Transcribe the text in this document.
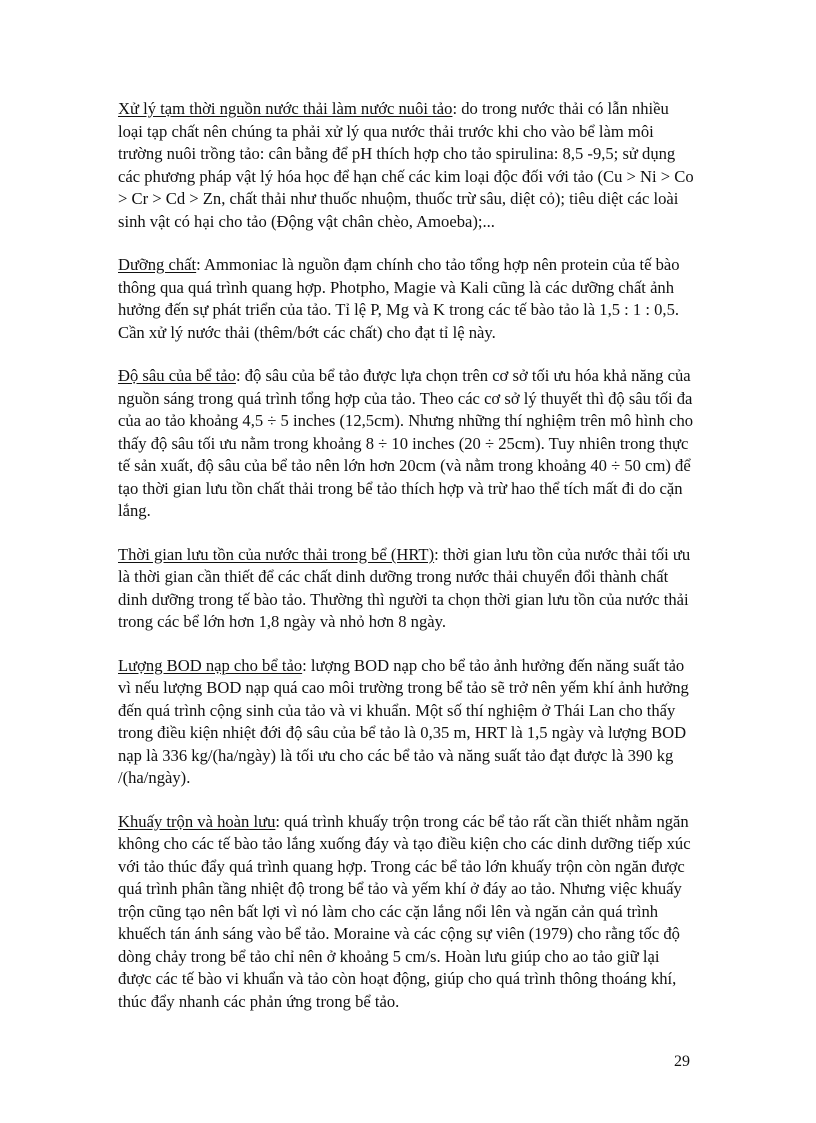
Xử lý tạm thời nguồn nước thải làm nước nuôi tảo: do trong nước thải có lẫn nhiều loại tạp chất nên chúng ta phải xử lý qua nước thải trước khi cho vào bể làm môi trường nuôi trồng tảo: cân bằng để pH thích hợp cho tảo spirulina: 8,5 -9,5; sử dụng các phương pháp vật lý hóa học để hạn chế các kim loại độc đối với tảo (Cu > Ni > Co > Cr > Cd > Zn, chất thải như thuốc nhuộm, thuốc trừ sâu, diệt cỏ); tiêu diệt các loài sinh vật có hại cho tảo (Động vật chân chèo, Amoeba);...

Dưỡng chất: Ammoniac là nguồn đạm chính cho tảo tổng hợp nên protein của tế bào thông qua quá trình quang hợp. Photpho, Magie và Kali cũng là các dưỡng chất ảnh hưởng đến sự phát triển của tảo. Tỉ lệ P, Mg và K trong các tế bào tảo là 1,5 : 1 : 0,5. Cần xử lý nước thải (thêm/bớt các chất) cho đạt tỉ lệ này.

Độ sâu của bể tảo: độ sâu của bể tảo được lựa chọn trên cơ sở tối ưu hóa khả năng của nguồn sáng trong quá trình tổng hợp của tảo. Theo các cơ sở lý thuyết thì độ sâu tối đa của ao tảo khoảng 4,5 ÷ 5 inches (12,5cm). Nhưng những thí nghiệm trên mô hình cho thấy độ sâu tối ưu nằm trong khoảng 8 ÷ 10 inches (20 ÷ 25cm). Tuy nhiên trong thực tế sản xuất, độ sâu của bể tảo nên lớn hơn 20cm (và nằm trong khoảng 40 ÷ 50 cm) để tạo thời gian lưu tồn chất thải trong bể tảo thích hợp và trừ hao thể tích mất đi do cặn lắng.

Thời gian lưu tồn của nước thải trong bể (HRT): thời gian lưu tồn của nước thải tối ưu là thời gian cần thiết để các chất dinh dưỡng trong nước thải chuyển đổi thành chất dinh dưỡng trong tế bào tảo. Thường thì người ta chọn thời gian lưu tồn của nước thải trong các bể lớn hơn 1,8 ngày và nhỏ hơn 8 ngày.

Lượng BOD nạp cho bể tảo: lượng BOD nạp cho bể tảo ảnh hưởng đến năng suất tảo vì nếu lượng BOD nạp quá cao môi trường trong bể tảo sẽ trở nên yếm khí ảnh hưởng đến quá trình cộng sinh của tảo và vi khuẩn. Một số thí nghiệm ở Thái Lan cho thấy trong điều kiện nhiệt đới độ sâu của bể tảo là 0,35 m, HRT là 1,5 ngày và lượng BOD nạp là 336 kg/(ha/ngày) là tối ưu cho các bể tảo và năng suất tảo đạt được là 390 kg /(ha/ngày).

Khuấy trộn và hoàn lưu: quá trình khuấy trộn trong các bể tảo rất cần thiết nhằm ngăn không cho các tế bào tảo lắng xuống đáy và tạo điều kiện cho các dinh dưỡng tiếp xúc với tảo thúc đẩy quá trình quang hợp. Trong các bể tảo lớn khuấy trộn còn ngăn được quá trình phân tầng nhiệt độ trong bể tảo và yếm khí ở đáy ao tảo. Nhưng việc khuấy trộn cũng tạo nên bất lợi vì nó làm cho các cặn lắng nổi lên và ngăn cản quá trình khuếch tán ánh sáng vào bể tảo. Moraine và các cộng sự viên (1979) cho rằng tốc độ dòng chảy trong bể tảo chỉ nên ở khoảng 5 cm/s. Hoàn lưu giúp cho ao tảo giữ lại được các tế bào vi khuẩn và tảo còn hoạt động, giúp cho quá trình thông thoáng khí, thúc đẩy nhanh các phản ứng trong bể tảo.

29
